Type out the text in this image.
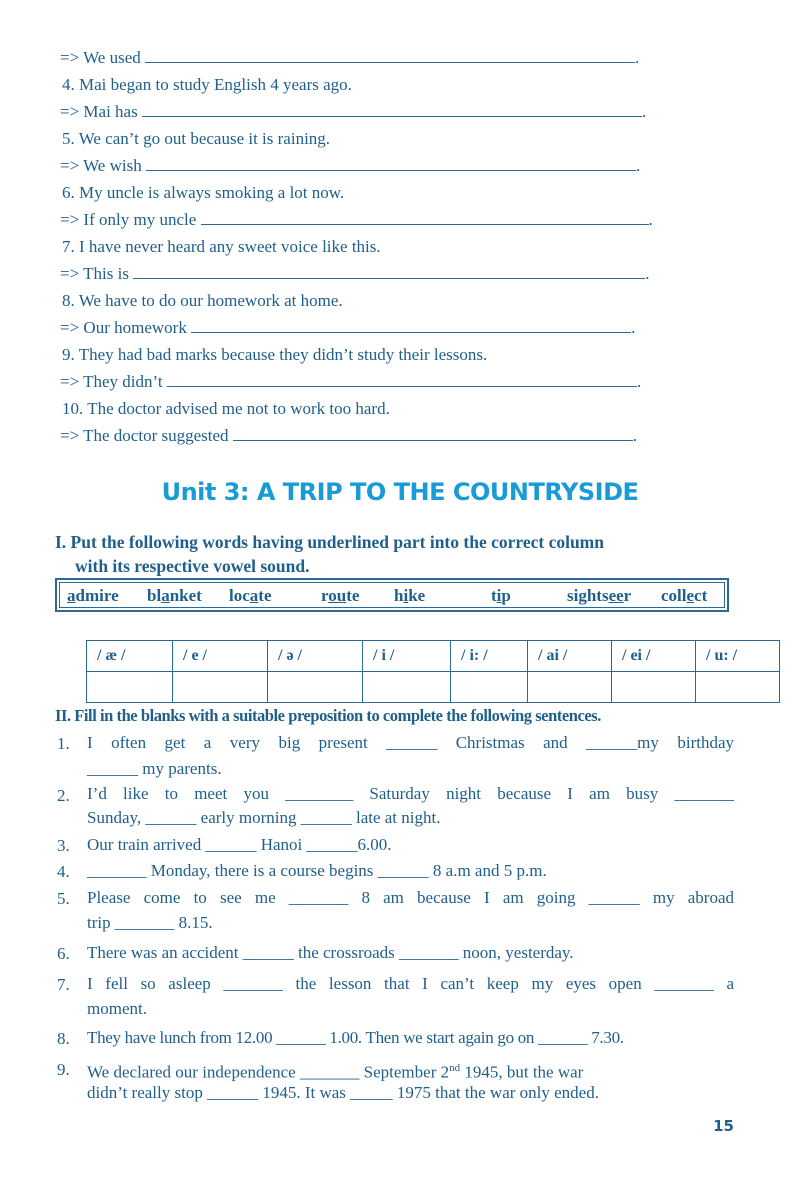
=> We used	.
4. Mai began to study English 4 years ago.
=> Mai has	.
5. We can’t go out because it is raining.
=> We wish	.
6. My uncle is always smoking a lot now.
=> If only my uncle	.
7. I have never heard any sweet voice like this.
=> This is	.
8. We have to do our homework at home.
=> Our homework	.
9. They had bad marks because they didn’t study their lessons.
=> They didn’t	.
10. The doctor advised me not to work too hard.
=> The doctor suggested	.
Unit 3: A TRIP TO THE COUNTRYSIDE
I. Put the following words having underlined part into the correct column
with its respective vowel sound.
admire blanket locate	route hike	tip	sightseer collect
/ æ /	/ e /	/ ə /	/ i /	/ i: /	/ ai /	/ ei /	/ u: /

II. Fill in the blanks with a suitable preposition to complete the following sentences.
1. I often get a very big present ______ Christmas and ______my birthday
______ my parents.
2. I’d like to meet you ________ Saturday night because I am busy _______
Sunday, ______ early morning ______ late at night.
3. Our train arrived ______ Hanoi ______6.00.
4. _______ Monday, there is a course begins ______ 8 a.m and 5 p.m.
5. Please come to see me _______ 8 am because I am going ______ my abroad
trip _______ 8.15.
6. There was an accident ______ the crossroads _______ noon, yesterday.
7. I fell so asleep _______ the lesson that I can’t keep my eyes open _______ a
moment.
8. They have lunch from 12.00 ______ 1.00. Then we start again go on ______ 7.30.
9. We declared our independence _______ September 2nd 1945, but the war
didn’t really stop ______ 1945. It was _____ 1975 that the war only ended.
15
